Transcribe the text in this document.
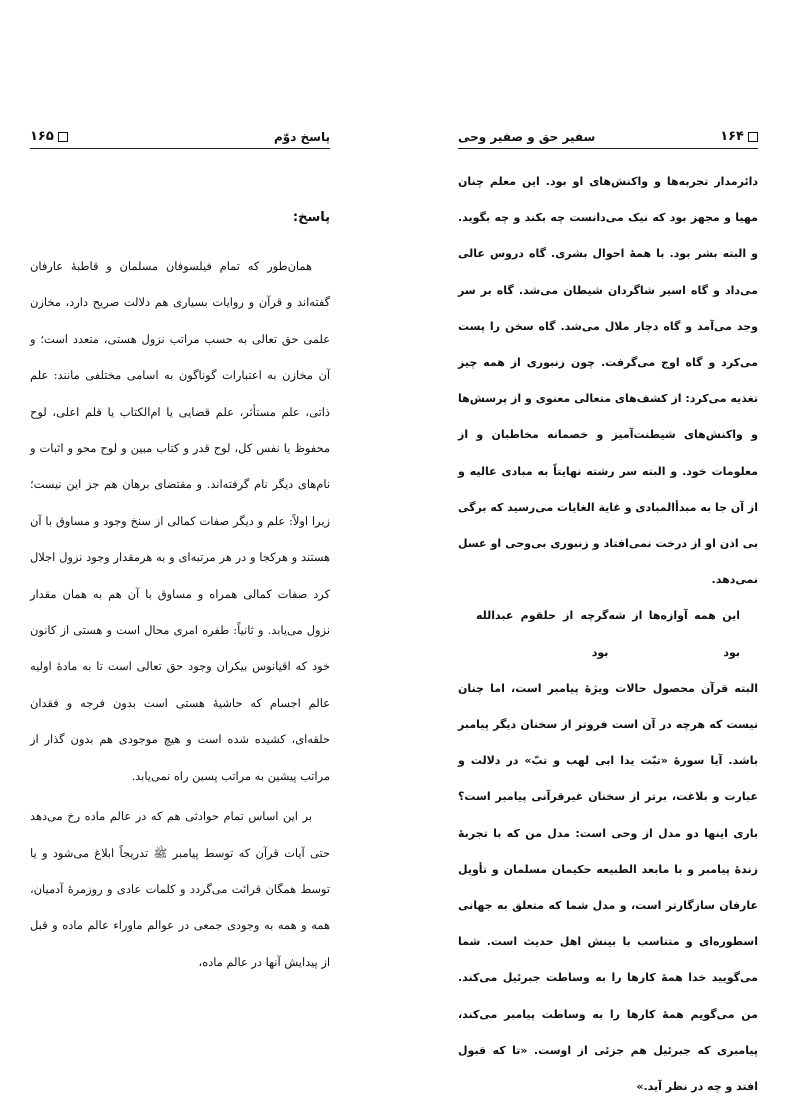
۱۶۴
سفیر حق و صفیر وحی

دائرمدار تجربه‌ها و واکنش‌های او بود. این معلم چنان مهیا و مجهز بود که نیک می‌دانست چه بکند و چه بگوید. و البته بشر بود. با همهٔ احوال بشری. گاه دروس عالی می‌داد و گاه اسیر شاگردان شیطان می‌شد. گاه بر سر وجد می‌آمد و گاه دچار ملال می‌شد. گاه سخن را پست می‌کرد و گاه اوج می‌گرفت. چون زنبوری از همه چیز تغذیه می‌کرد: از کشف‌های متعالی معنوی و از پرسش‌ها و واکنش‌های شیطنت‌آمیز و خصمانه مخاطبان و از معلومات خود. و البته سر رشته نهایتاً به مبادی عالیه و از آن جا به مبدأالمبادی و غایة الغایات می‌رسید که برگی بی اذن او از درخت نمی‌افتاد و زنبوری بی‌وحی او عسل نمی‌دهد.

این همه آوازه‌ها از شه بود
گرچه از حلقوم عبدالله بود

البته قرآن محصول حالات ویژهٔ پیامبر است، اما چنان نیست که هرچه در آن است فروتر از سخنان دیگر پیامبر باشد. آیا سورهٔ «تبّت یدا ابی لهب و تبّ» در دلالت و عبارت و بلاغت، برتر از سخنان غیرقرآنی پیامبر است؟ باری اینها دو مدل از وحی است: مدل من که با تجربهٔ زندهٔ پیامبر و با مابعد الطبیعه حکیمان مسلمان و تأویل عارفان سازگارتر است، و مدل شما که متعلق به جهانی اسطوره‌ای و متناسب با بینش اهل حدیث است. شما می‌گویید خدا همهٔ کارها را به وساطت جبرئیل می‌کند. من می‌گویم همهٔ کارها را به وساطت پیامبر می‌کند، پیامبری که جبرئیل هم جزئی از اوست. «تا که قبول افتد و چه در نظر آید.»

پاسخ دوّم
۱۶۵
پاسخ:

همان‌طور که تمام فیلسوفان مسلمان و قاطبهٔ عارفان گفته‌اند و قرآن و روایات بسیاری هم دلالت صریح دارد، مخازن علمی حق تعالی به حسب مراتب نزول هستی، متعدد است؛ و آن مخازن به اعتبارات گوناگون به اسامی مختلفی مانند: علم ذاتی، علم مستأثر، علم قضایی یا ام‌الکتاب یا قلم اعلی، لوح محفوظ یا نفس کل، لوح قدر و کتاب مبین و لوح محو و اثبات و نام‌های دیگر نام گرفته‌اند. و مقتضای برهان هم جز این نیست؛ زیرا اولاً: علم و دیگر صفات کمالی از سنخ وجود و مساوق با آن هستند و هرکجا و در هر مرتبه‌ای و به هرمقدار وجود نزول اجلال کرد صفات کمالی همراه و مساوق با آن هم به همان مقدار نزول می‌یابد. و ثانیاً: طفره امری محال است و هستی از کانون خود که اقیانوس بیکران وجود حق تعالی است تا به مادهٔ اولیه عالم اجسام که حاشیهٔ هستی است بدون فرجه و فقدان حلقه‌ای، کشیده شده است و هیچ موجودی هم بدون گذار از مراتب پیشین به مراتب پسین راه نمی‌یابد.

بر این اساس تمام حوادثی هم که در عالم ماده رخ می‌دهد حتی آیات قرآن که توسط پیامبر ﷺ تدریجاً ابلاغ می‌شود و یا توسط همگان قرائت می‌گردد و کلمات عادی و روزمرهٔ آدمیان، همه و همه به وجودی جمعی در عوالم ماوراء عالم ماده و قبل از پیدایش آنها در عالم ماده،
